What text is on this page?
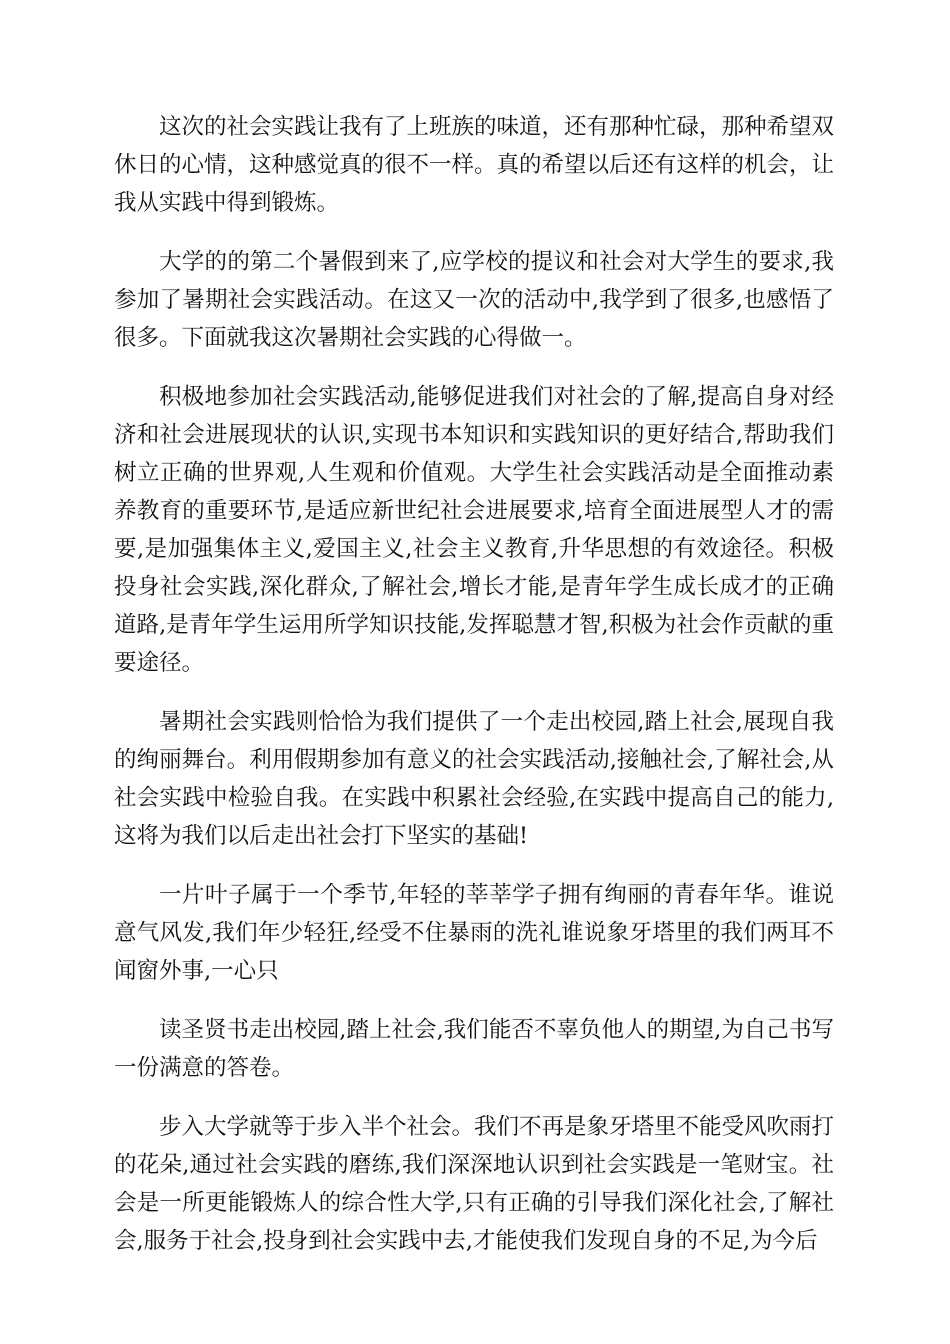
这次的社会实践让我有了上班族的味道，还有那种忙碌，那种希望双休日的心情，这种感觉真的很不一样。真的希望以后还有这样的机会，让我从实践中得到锻炼。

大学的的第二个暑假到来了,应学校的提议和社会对大学生的要求,我参加了暑期社会实践活动。在这又一次的活动中,我学到了很多,也感悟了很多。下面就我这次暑期社会实践的心得做一。

积极地参加社会实践活动,能够促进我们对社会的了解,提高自身对经济和社会进展现状的认识,实现书本知识和实践知识的更好结合,帮助我们树立正确的世界观,人生观和价值观。大学生社会实践活动是全面推动素养教育的重要环节,是适应新世纪社会进展要求,培育全面进展型人才的需要,是加强集体主义,爱国主义,社会主义教育,升华思想的有效途径。积极投身社会实践,深化群众,了解社会,增长才能,是青年学生成长成才的正确道路,是青年学生运用所学知识技能,发挥聪慧才智,积极为社会作贡献的重要途径。

暑期社会实践则恰恰为我们提供了一个走出校园,踏上社会,展现自我的绚丽舞台。利用假期参加有意义的社会实践活动,接触社会,了解社会,从社会实践中检验自我。在实践中积累社会经验,在实践中提高自己的能力,这将为我们以后走出社会打下坚实的基础!

一片叶子属于一个季节,年轻的莘莘学子拥有绚丽的青春年华。谁说意气风发,我们年少轻狂,经受不住暴雨的洗礼谁说象牙塔里的我们两耳不闻窗外事,一心只

读圣贤书走出校园,踏上社会,我们能否不辜负他人的期望,为自己书写一份满意的答卷。

步入大学就等于步入半个社会。我们不再是象牙塔里不能受风吹雨打的花朵,通过社会实践的磨练,我们深深地认识到社会实践是一笔财宝。社会是一所更能锻炼人的综合性大学,只有正确的引导我们深化社会,了解社会,服务于社会,投身到社会实践中去,才能使我们发现自身的不足,为今后
